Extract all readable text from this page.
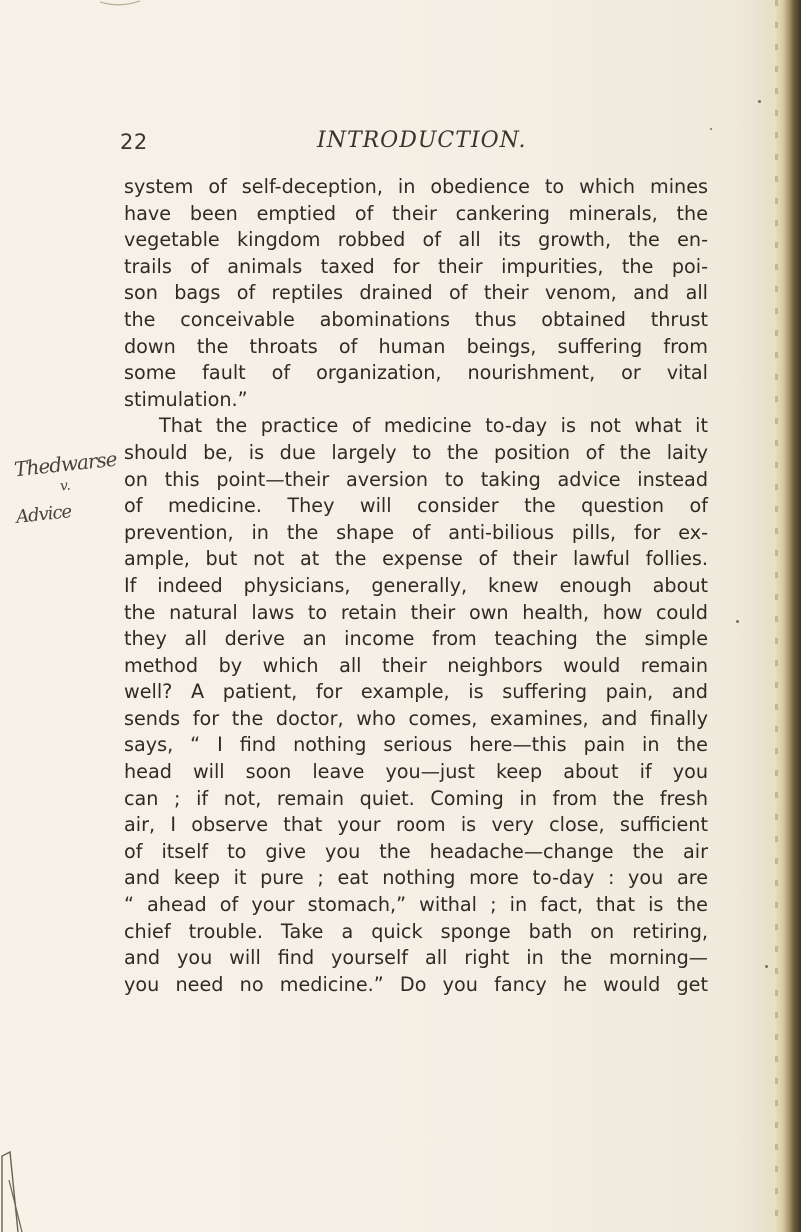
22	INTRODUCTION.
Thedwarse
v.
Advice
system of self-deception, in obedience to which mines
have been emptied of their cankering minerals, the
vegetable kingdom robbed of all its growth, the en-
trails of animals taxed for their impurities, the poi-
son bags of reptiles drained of their venom, and all
the conceivable abominations thus obtained thrust
down the throats of human beings, suffering from
some fault of organization, nourishment, or vital
stimulation.”
That the practice of medicine to-day is not what it
should be, is due largely to the position of the laity
on this point—their aversion to taking advice instead
of medicine. They will consider the question of
prevention, in the shape of anti-bilious pills, for ex-
ample, but not at the expense of their lawful follies.
If indeed physicians, generally, knew enough about
the natural laws to retain their own health, how could
they all derive an income from teaching the simple
method by which all their neighbors would remain
well? A patient, for example, is suffering pain, and
sends for the doctor, who comes, examines, and finally
says, “ I find nothing serious here—this pain in the
head will soon leave you—just keep about if you
can ; if not, remain quiet. Coming in from the fresh
air, I observe that your room is very close, sufficient
of itself to give you the headache—change the air
and keep it pure ; eat nothing more to-day : you are
“ ahead of your stomach,” withal ; in fact, that is the
chief trouble. Take a quick sponge bath on retiring,
and you will find yourself all right in the morning—
you need no medicine.” Do you fancy he would get
